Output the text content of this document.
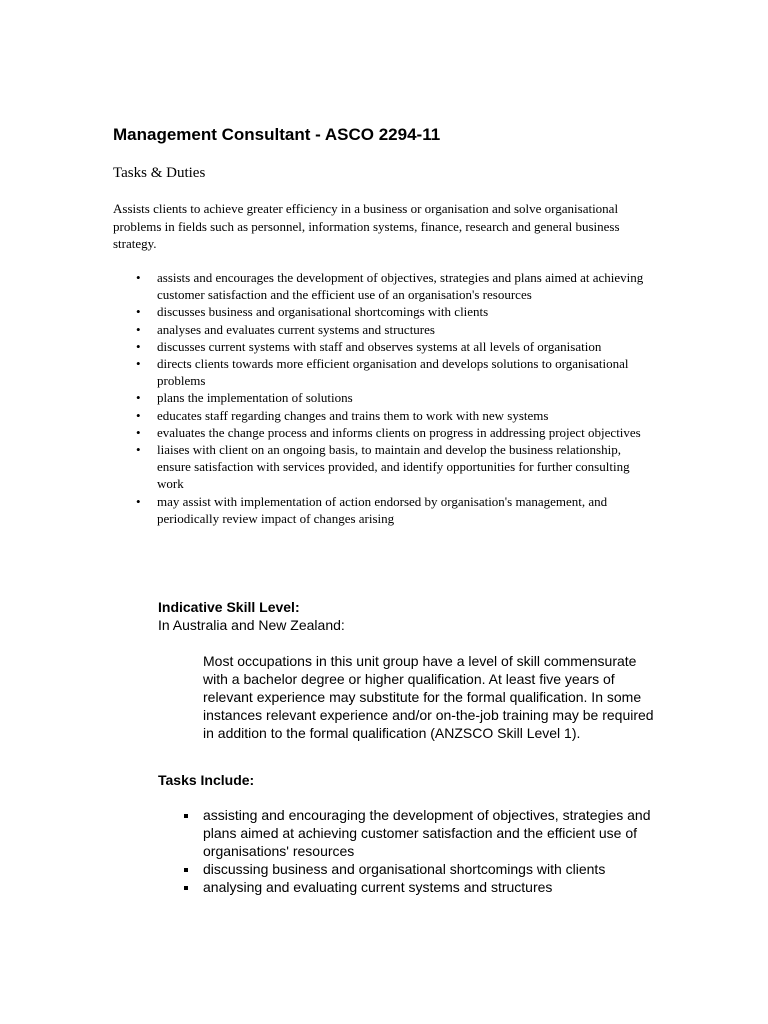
Management Consultant - ASCO 2294-11
Tasks & Duties

Assists clients to achieve greater efficiency in a business or organisation and solve organisational problems in fields such as personnel, information systems, finance, research and general business strategy.

• assists and encourages the development of objectives, strategies and plans aimed at achieving customer satisfaction and the efficient use of an organisation's resources
• discusses business and organisational shortcomings with clients
• analyses and evaluates current systems and structures
• discusses current systems with staff and observes systems at all levels of organisation
• directs clients towards more efficient organisation and develops solutions to organisational problems
• plans the implementation of solutions
• educates staff regarding changes and trains them to work with new systems
• evaluates the change process and informs clients on progress in addressing project objectives
• liaises with client on an ongoing basis, to maintain and develop the business relationship, ensure satisfaction with services provided, and identify opportunities for further consulting work
• may assist with implementation of action endorsed by organisation's management, and periodically review impact of changes arising

Indicative Skill Level:

In Australia and New Zealand:

Most occupations in this unit group have a level of skill commensurate with a bachelor degree or higher qualification. At least five years of relevant experience may substitute for the formal qualification. In some instances relevant experience and/or on-the-job training may be required in addition to the formal qualification (ANZSCO Skill Level 1).

Tasks Include:

assisting and encouraging the development of objectives, strategies and plans aimed at achieving customer satisfaction and the efficient use of organisations' resources
discussing business and organisational shortcomings with clients
analysing and evaluating current systems and structures
